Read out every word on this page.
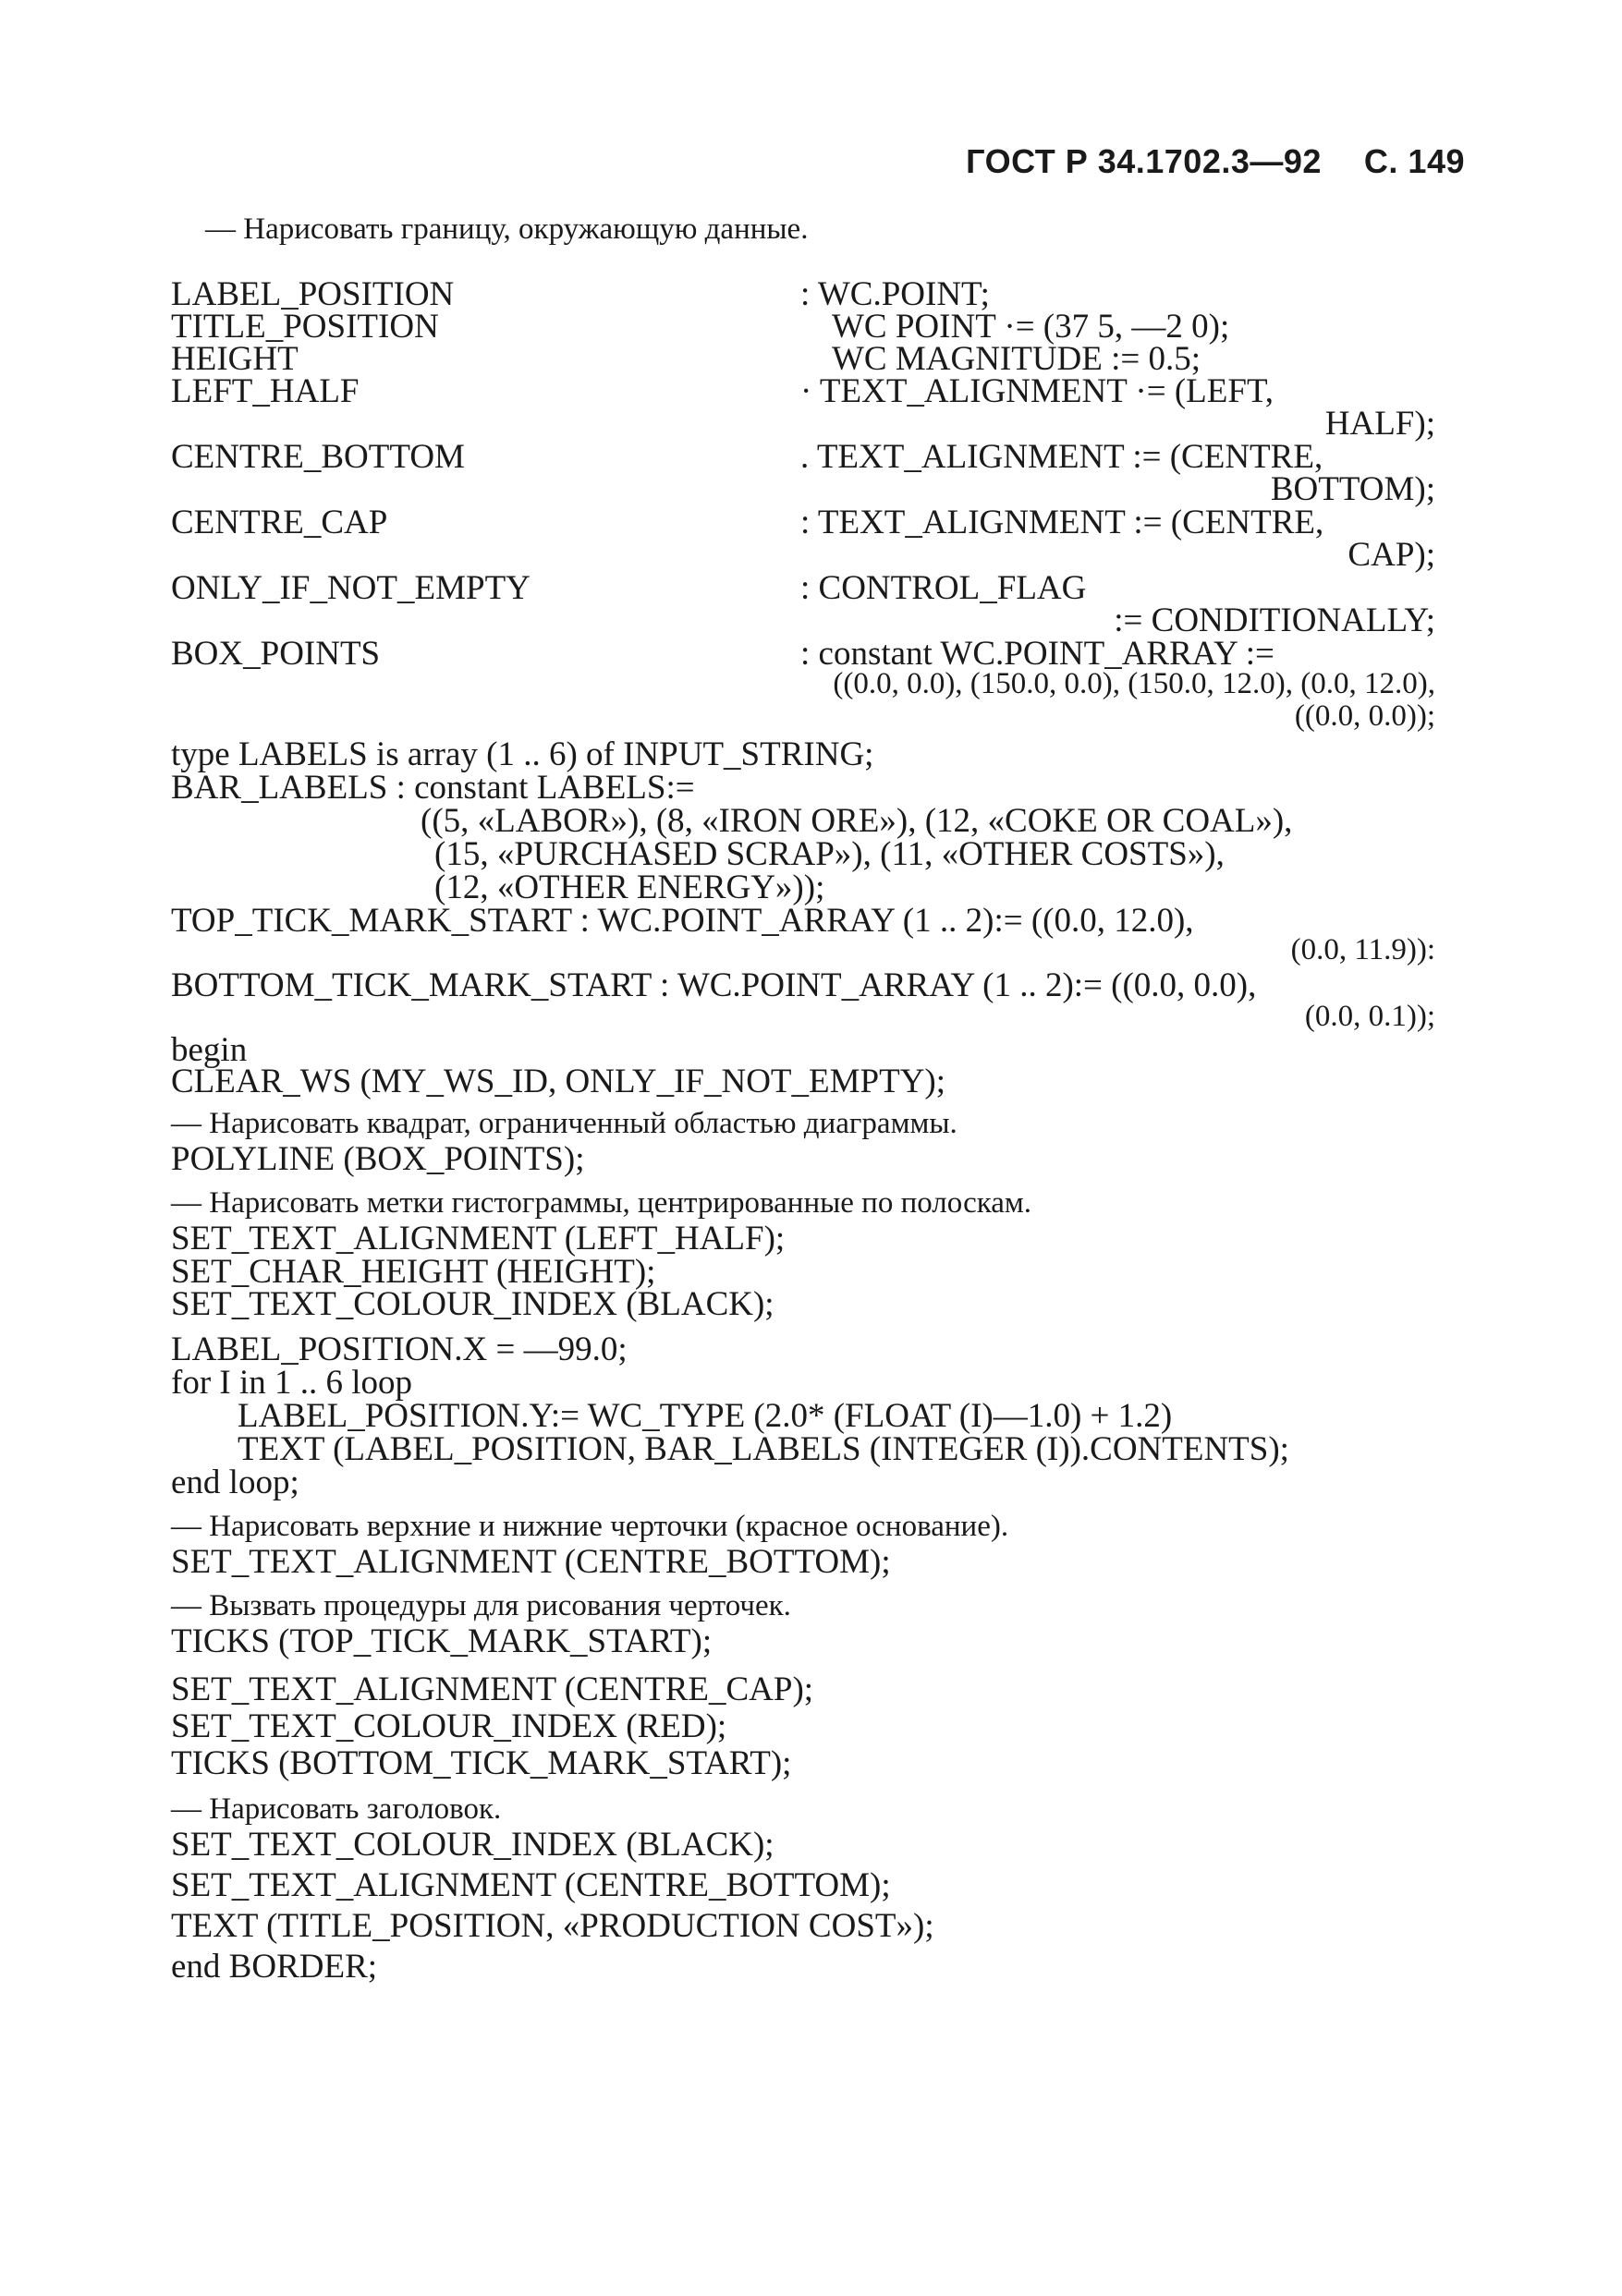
ГОСТ Р 34.1702.3—92 С. 149
— Нарисовать границу, окружающую данные.
LABEL_POSITION	: WC.POINT;
TITLE_POSITION	WC POINT ·= (37 5, —2 0);
HEIGHT	WC MAGNITUDE := 0.5;
LEFT_HALF	· TEXT_ALIGNMENT ·= (LEFT,
HALF);
CENTRE_BOTTOM	. TEXT_ALIGNMENT := (CENTRE,
BOTTOM);
CENTRE_CAP	: TEXT_ALIGNMENT := (CENTRE,
CAP);
ONLY_IF_NOT_EMPTY	: CONTROL_FLAG
:= CONDITIONALLY;
BOX_POINTS	: constant WC.POINT_ARRAY :=
((0.0, 0.0), (150.0, 0.0), (150.0, 12.0), (0.0, 12.0),
((0.0, 0.0));
type LABELS is array (1 .. 6) of INPUT_STRING;
BAR_LABELS : constant LABELS:=
((5, «LABOR»), (8, «IRON ORE»), (12, «COKE OR COAL»),
(15, «PURCHASED SCRAP»), (11, «OTHER COSTS»),
(12, «OTHER ENERGY»));
TOP_TICK_MARK_START : WC.POINT_ARRAY (1 .. 2):= ((0.0, 12.0),
(0.0, 11.9)):
BOTTOM_TICK_MARK_START : WC.POINT_ARRAY (1 .. 2):= ((0.0, 0.0),
(0.0, 0.1));
begin
CLEAR_WS (MY_WS_ID, ONLY_IF_NOT_EMPTY);
— Нарисовать квадрат, ограниченный областью диаграммы.
POLYLINE (BOX_POINTS);
— Нарисовать метки гистограммы, центрированные по полоскам.
SET_TEXT_ALIGNMENT (LEFT_HALF);
SET_CHAR_HEIGHT (HEIGHT);
SET_TEXT_COLOUR_INDEX (BLACK);
LABEL_POSITION.X = —99.0;
for I in 1 .. 6 loop
LABEL_POSITION.Y:= WC_TYPE (2.0* (FLOAT (I)—1.0) + 1.2)
TEXT (LABEL_POSITION, BAR_LABELS (INTEGER (I)).CONTENTS);
end loop;
— Нарисовать верхние и нижние черточки (красное основание).
SET_TEXT_ALIGNMENT (CENTRE_BOTTOM);
— Вызвать процедуры для рисования черточек.
TICKS (TOP_TICK_MARK_START);
SET_TEXT_ALIGNMENT (CENTRE_CAP);
SET_TEXT_COLOUR_INDEX (RED);
TICKS (BOTTOM_TICK_MARK_START);
— Нарисовать заголовок.
SET_TEXT_COLOUR_INDEX (BLACK);
SET_TEXT_ALIGNMENT (CENTRE_BOTTOM);
TEXT (TITLE_POSITION, «PRODUCTION COST»);
end BORDER;
